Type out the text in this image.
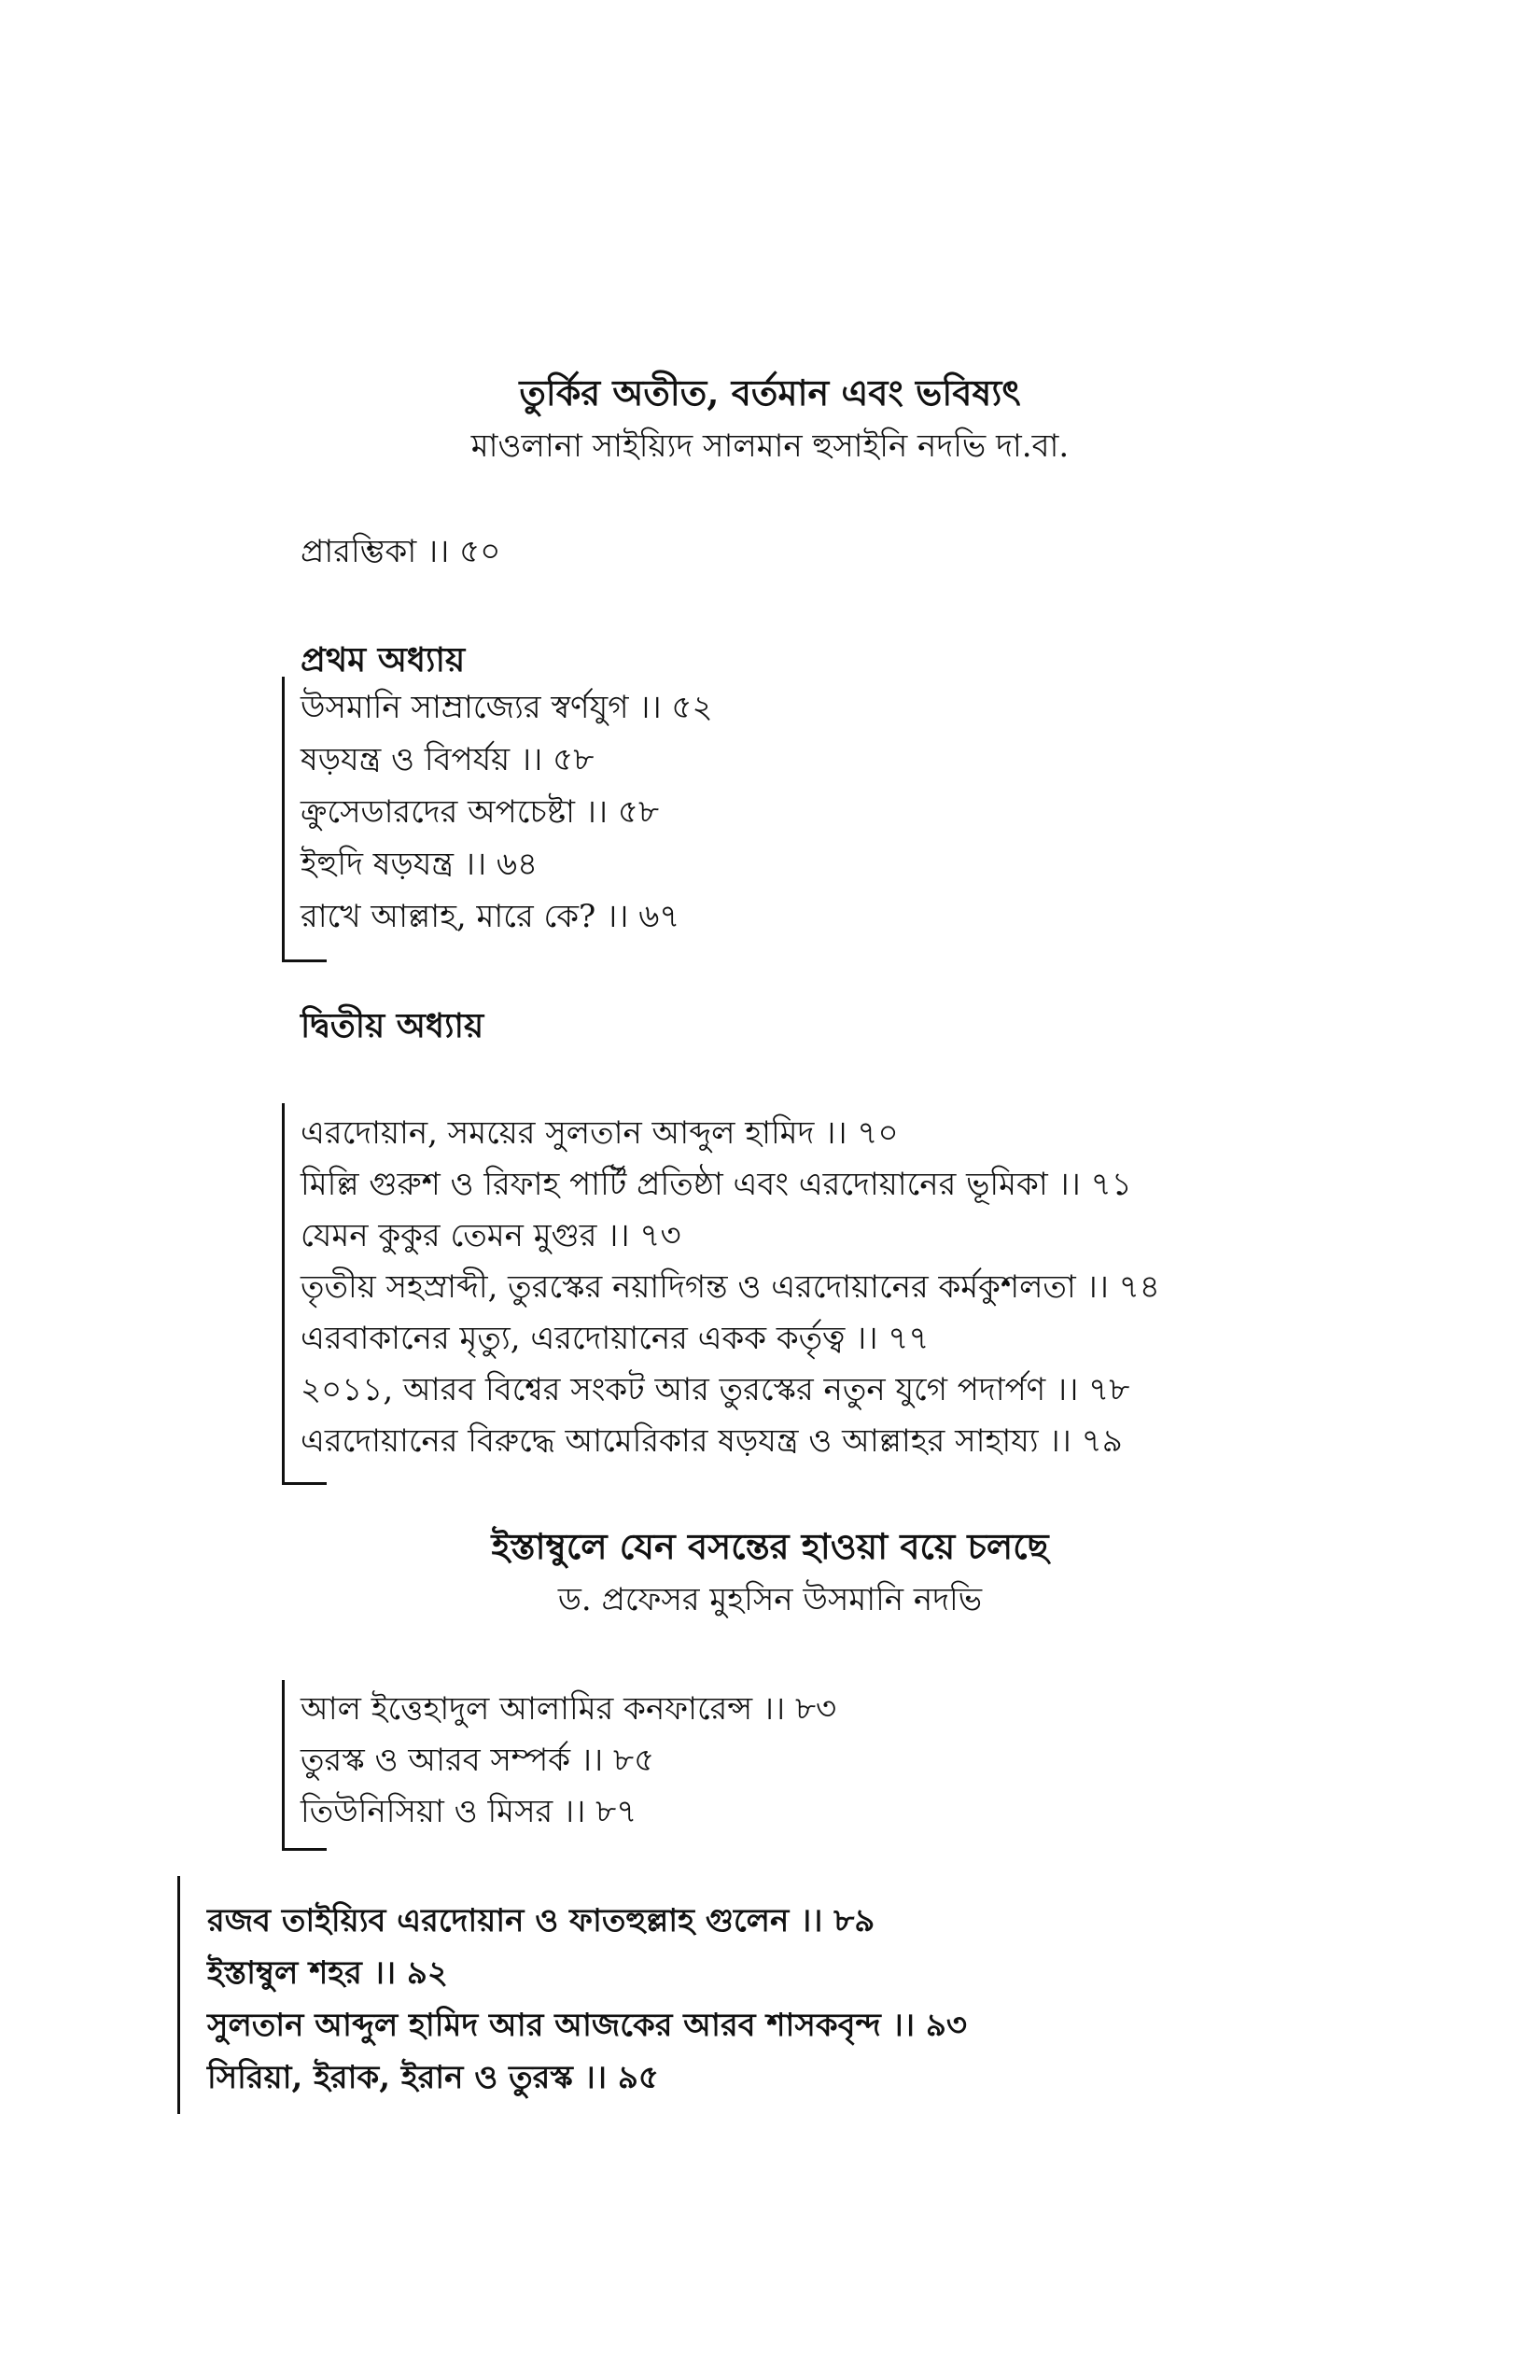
তুর্কির অতীত, বর্তমান এবং ভবিষ্যৎ
মাওলানা সাইয়্যিদ সালমান হুসাইনি নদভি দা.বা.
প্রারম্ভিকা ।। ৫০
প্রথম অধ্যায়
উসমানি সাম্রাজ্যের স্বর্ণযুগ ।। ৫২
ষড়যন্ত্র ও বিপর্যয় ।। ৫৮
ক্রুসেডারদের অপচেষ্টা ।। ৫৮
ইহুদি ষড়যন্ত্র ।। ৬৪
রাখে আল্লাহ, মারে কে? ।। ৬৭
দ্বিতীয় অধ্যায়
এরদোয়ান, সময়ের সুলতান আব্দুল হামিদ ।। ৭০
মিল্লি গুরুশ ও রিফাহ পার্টি প্রতিষ্ঠা এবং এরদোয়ানের ভূমিকা ।। ৭১
যেমন কুকুর তেমন মুগুর ।। ৭৩
তৃতীয় সহস্রাব্দী, তুরস্কের নয়াদিগন্ত ও এরদোয়ানের কর্মকুশলতা ।। ৭৪
এরবাকানের মৃত্যু, এরদোয়ানের একক কর্তৃত্ব ।। ৭৭
২০১১, আরব বিশ্বের সংকট আর তুরস্কের নতুন যুগে পদার্পণ ।। ৭৮
এরদোয়ানের বিরুদ্ধে আমেরিকার ষড়যন্ত্র ও আল্লাহর সাহায্য ।। ৭৯
ইস্তাম্বুলে যেন বসন্তের হাওয়া বয়ে চলছে
ড. প্রফেসর মুহসিন উসমানি নদভি
আল ইত্তেহাদুল আলামির কনফারেন্স ।। ৮৩
তুরস্ক ও আরব সম্পর্ক ।। ৮৫
তিউনিসিয়া ও মিসর ।। ৮৭
রজব তাইয়্যিব এরদোয়ান ও ফাতহুল্লাহ গুলেন ।। ৮৯
ইস্তাম্বুল শহর ।। ৯২
সুলতান আব্দুল হামিদ আর আজকের আরব শাসকবৃন্দ ।। ৯৩
সিরিয়া, ইরাক, ইরান ও তুরস্ক ।। ৯৫
